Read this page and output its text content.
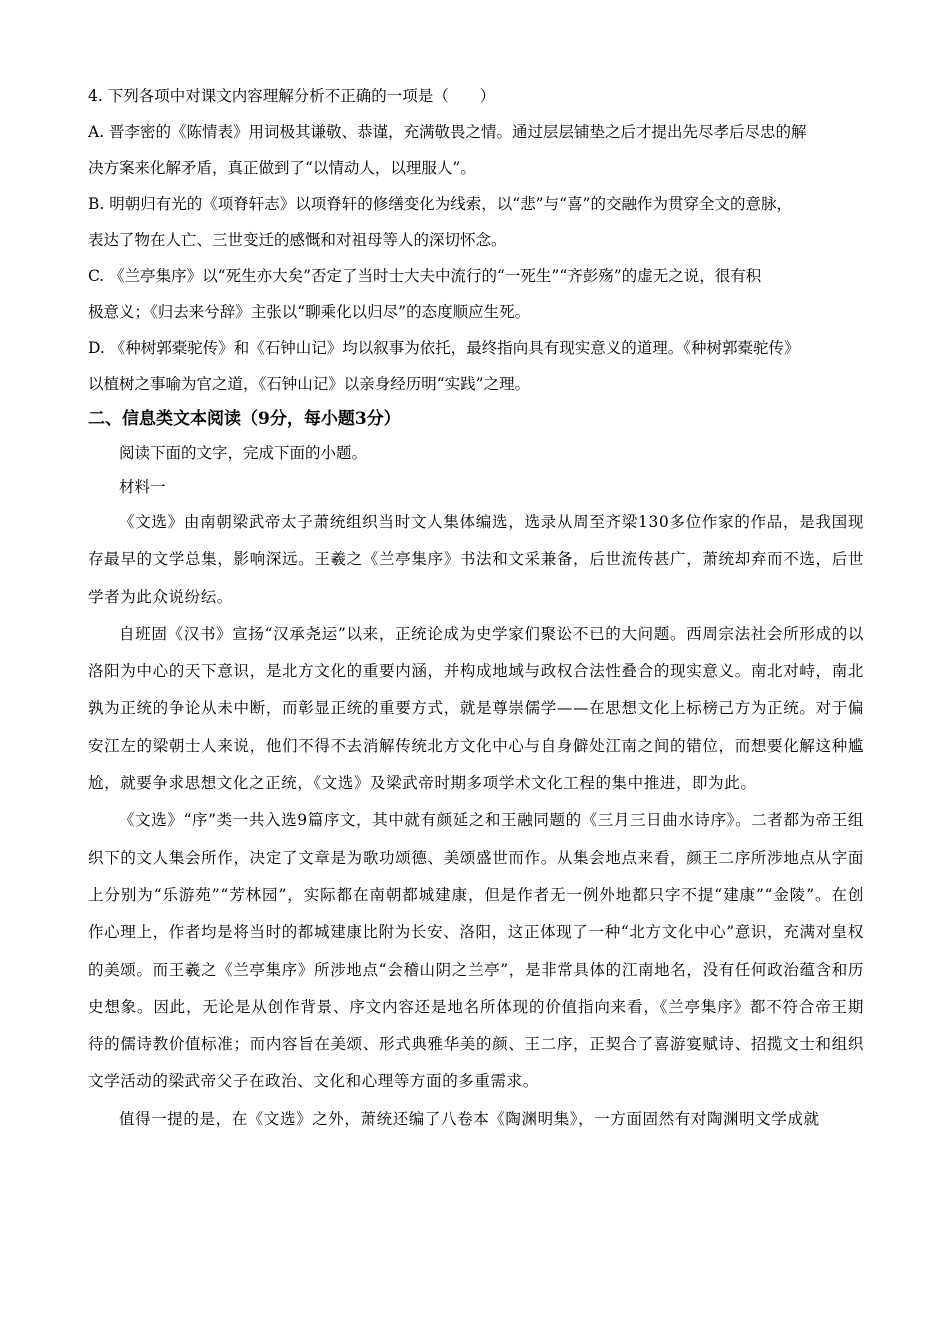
4. 下列各项中对课文内容理解分析不正确的一项是（　　）

A. 晋李密的《陈情表》用词极其谦敬、恭谨，充满敬畏之情。通过层层铺垫之后才提出先尽孝后尽忠的解

决方案来化解矛盾，真正做到了“以情动人，以理服人”。

B. 明朝归有光的《项脊轩志》以项脊轩的修缮变化为线索，以“悲”与“喜”的交融作为贯穿全文的意脉，

表达了物在人亡、三世变迁的感慨和对祖母等人的深切怀念。

C. 《兰亭集序》以“死生亦大矣”否定了当时士大夫中流行的“一死生”“齐彭殇”的虚无之说，很有积

极意义；《归去来兮辞》主张以“聊乘化以归尽”的态度顺应生死。

D. 《种树郭橐驼传》和《石钟山记》均以叙事为依托，最终指向具有现实意义的道理。《种树郭橐驼传》

以植树之事喻为官之道，《石钟山记》以亲身经历明“实践”之理。

二、信息类文本阅读（9分，每小题3分）

阅读下面的文字，完成下面的小题。

材料一

《文选》由南朝梁武帝太子萧统组织当时文人集体编选，选录从周至齐梁130多位作家的作品，是我国现存最早的文学总集，影响深远。王羲之《兰亭集序》书法和文采兼备，后世流传甚广，萧统却弃而不选，后世学者为此众说纷纭。

自班固《汉书》宣扬“汉承尧运”以来，正统论成为史学家们聚讼不已的大问题。西周宗法社会所形成的以洛阳为中心的天下意识，是北方文化的重要内涵，并构成地域与政权合法性叠合的现实意义。南北对峙，南北孰为正统的争论从未中断，而彰显正统的重要方式，就是尊崇儒学——在思想文化上标榜己方为正统。对于偏安江左的梁朝士人来说，他们不得不去消解传统北方文化中心与自身僻处江南之间的错位，而想要化解这种尴尬，就要争求思想文化之正统，《文选》及梁武帝时期多项学术文化工程的集中推进，即为此。

《文选》“序”类一共入选9篇序文，其中就有颜延之和王融同题的《三月三日曲水诗序》。二者都为帝王组织下的文人集会所作，决定了文章是为歌功颂德、美颂盛世而作。从集会地点来看，颜王二序所涉地点从字面上分别为“乐游苑”“芳林园”，实际都在南朝都城建康，但是作者无一例外地都只字不提“建康”“金陵”。在创作心理上，作者均是将当时的都城建康比附为长安、洛阳，这正体现了一种“北方文化中心”意识，充满对皇权的美颂。而王羲之《兰亭集序》所涉地点“会稽山阴之兰亭”，是非常具体的江南地名，没有任何政治蕴含和历史想象。因此，无论是从创作背景、序文内容还是地名所体现的价值指向来看，《兰亭集序》都不符合帝王期待的儒诗教价值标准；而内容旨在美颂、形式典雅华美的颜、王二序，正契合了喜游宴赋诗、招揽文士和组织文学活动的梁武帝父子在政治、文化和心理等方面的多重需求。

值得一提的是，在《文选》之外，萧统还编了八卷本《陶渊明集》，一方面固然有对陶渊明文学成就
